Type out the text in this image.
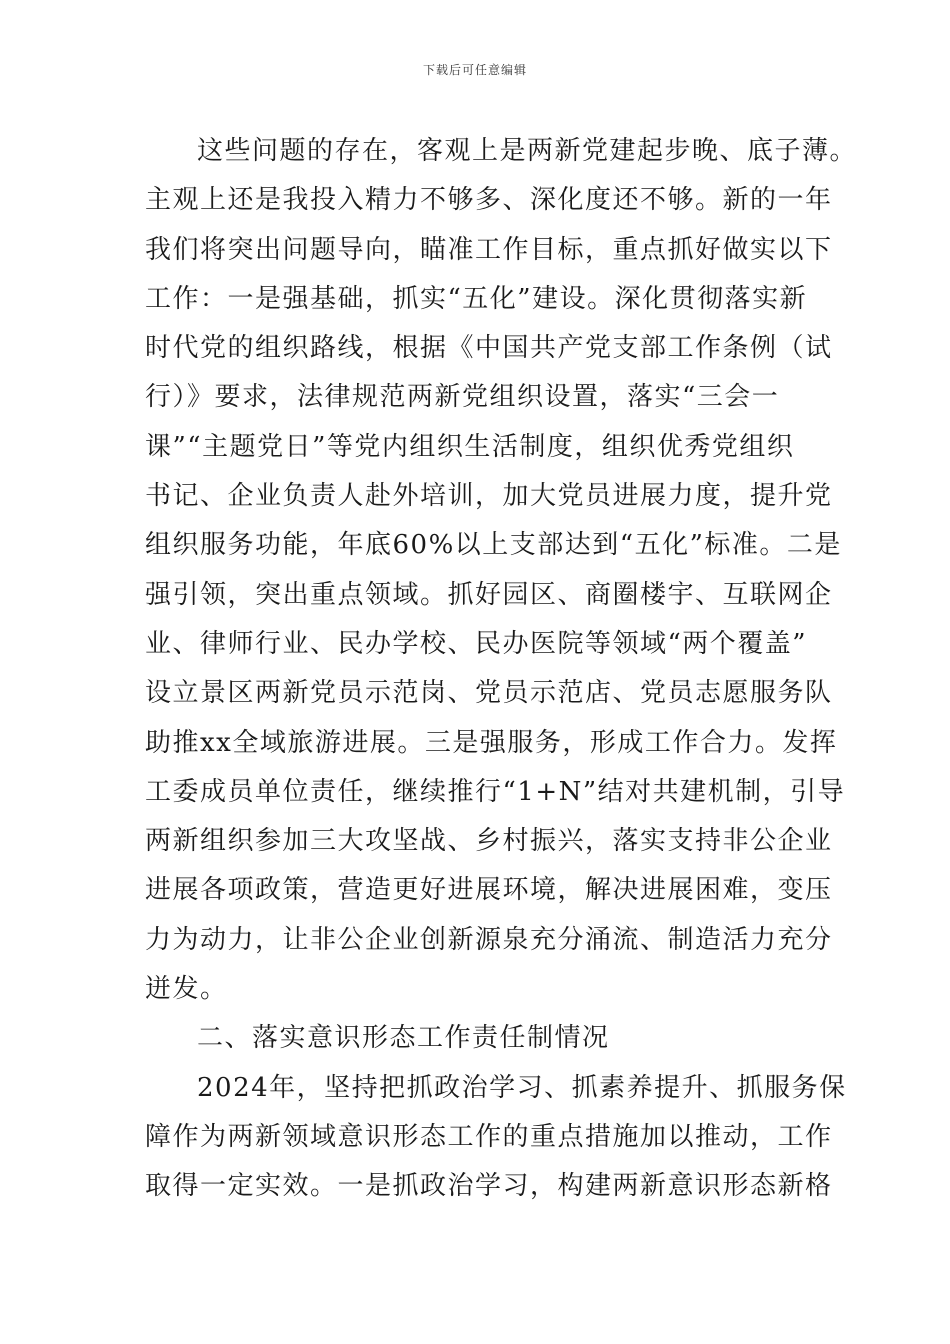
下载后可任意编辑
这些问题的存在，客观上是两新党建起步晚、底子薄。
主观上还是我投入精力不够多、深化度还不够。新的一年
我们将突出问题导向，瞄准工作目标，重点抓好做实以下
工作：一是强基础，抓实“五化”建设。深化贯彻落实新
时代党的组织路线，根据《中国共产党支部工作条例（试
行）》要求，法律规范两新党组织设置，落实“三会一
课”“主题党日”等党内组织生活制度，组织优秀党组织
书记、企业负责人赴外培训，加大党员进展力度，提升党
组织服务功能，年底60%以上支部达到“五化”标准。二是
强引领，突出重点领域。抓好园区、商圈楼宇、互联网企
业、律师行业、民办学校、民办医院等领域“两个覆盖”
设立景区两新党员示范岗、党员示范店、党员志愿服务队
助推xx全域旅游进展。三是强服务，形成工作合力。发挥
工委成员单位责任，继续推行“1+N”结对共建机制，引导
两新组织参加三大攻坚战、乡村振兴，落实支持非公企业
进展各项政策，营造更好进展环境，解决进展困难，变压
力为动力，让非公企业创新源泉充分涌流、制造活力充分
迸发。
二、落实意识形态工作责任制情况
2024年，坚持把抓政治学习、抓素养提升、抓服务保
障作为两新领域意识形态工作的重点措施加以推动，工作
取得一定实效。一是抓政治学习，构建两新意识形态新格
